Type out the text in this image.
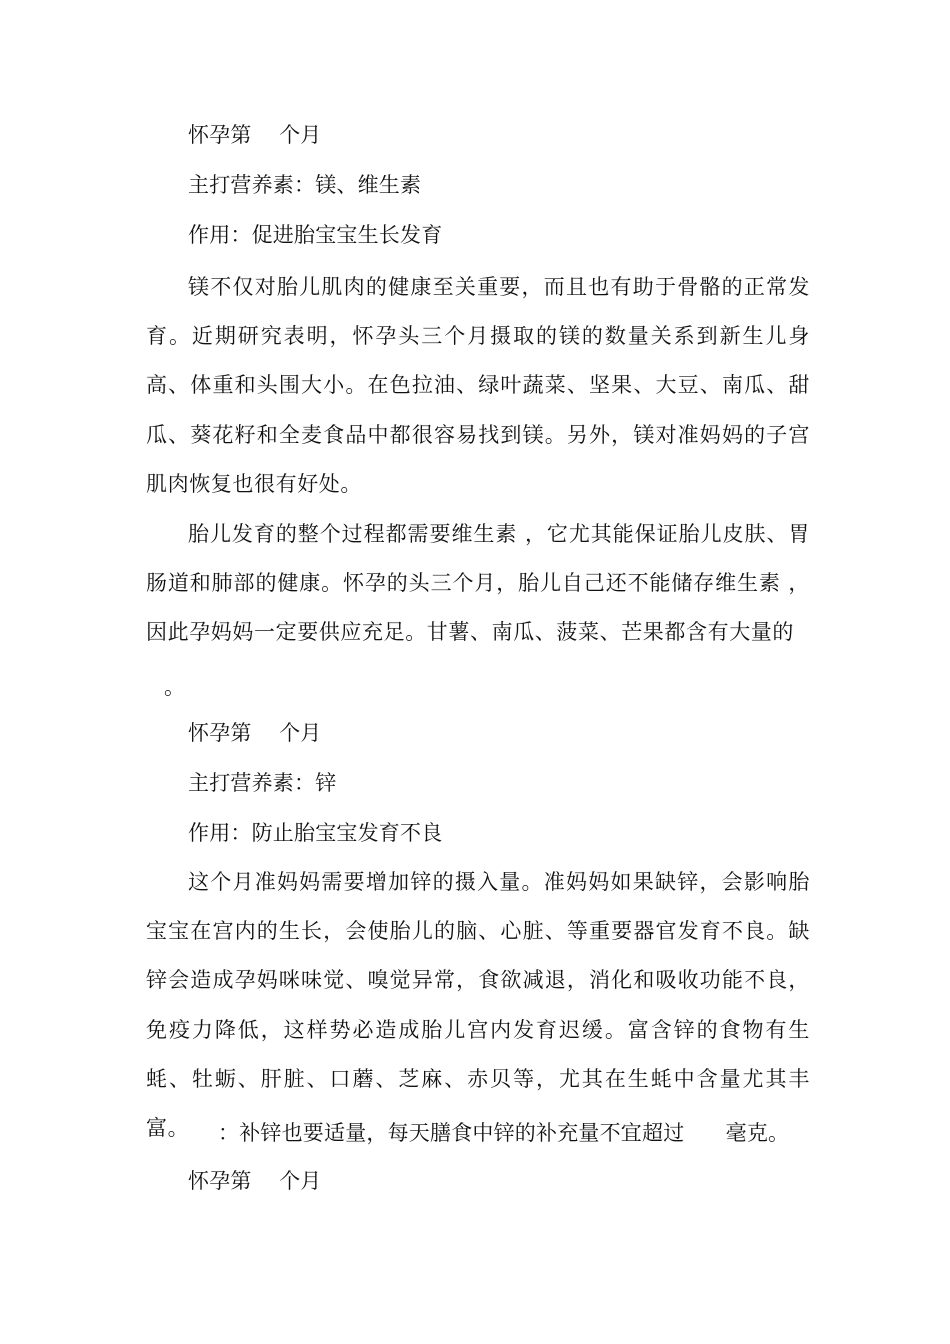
怀孕第    个月
主打营养素：镁、维生素
作用：促进胎宝宝生长发育
镁不仅对胎儿肌肉的健康至关重要，而且也有助于骨骼的正常发育。近期研究表明，怀孕头三个月摄取的镁的数量关系到新生儿身高、体重和头围大小。在色拉油、绿叶蔬菜、坚果、大豆、南瓜、甜瓜、葵花籽和全麦食品中都很容易找到镁。另外，镁对准妈妈的子宫肌肉恢复也很有好处。
胎儿发育的整个过程都需要维生素 ，它尤其能保证胎儿皮肤、胃肠道和肺部的健康。怀孕的头三个月，胎儿自己还不能储存维生素 ，因此孕妈妈一定要供应充足。甘薯、南瓜、菠菜、芒果都含有大量的
。
怀孕第    个月
主打营养素：锌
作用：防止胎宝宝发育不良
这个月准妈妈需要增加锌的摄入量。准妈妈如果缺锌，会影响胎宝宝在宫内的生长，会使胎儿的脑、心脏、等重要器官发育不良。缺锌会造成孕妈咪味觉、嗅觉异常，食欲减退，消化和吸收功能不良，免疫力降低，这样势必造成胎儿宫内发育迟缓。富含锌的食物有生蚝、牡蛎、肝脏、口蘑、芝麻、赤贝等，尤其在生蚝中含量尤其丰富。	：补锌也要适量，每天膳食中锌的补充量不宜超过      毫克。
怀孕第    个月
